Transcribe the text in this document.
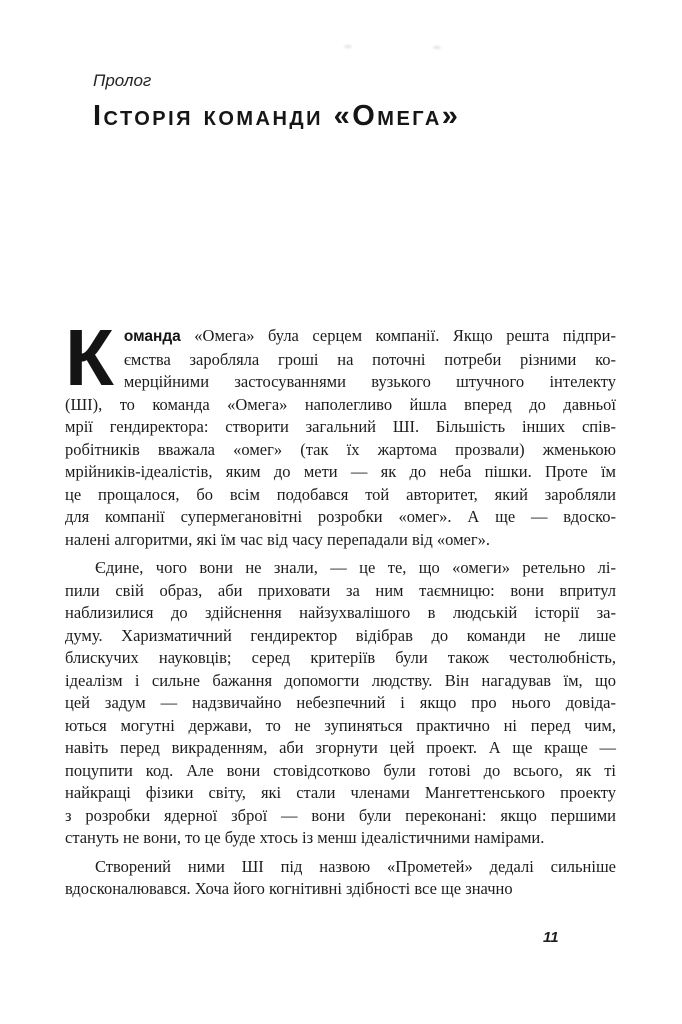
Пролог
Історія команди «Омега»
К оманда «Омега» була серцем компанії. Якщо решта підпри-
ємства заробляла гроші на поточні потреби різними ко-
мерційними застосуваннями вузького штучного інтелекту
(ШІ), то команда «Омега» наполегливо йшла вперед до давньої
мрії гендиректора: створити загальний ШІ. Більшість інших спів-
робітників вважала «омег» (так їх жартома прозвали) жменькою
мрійників-ідеалістів, яким до мети — як до неба пішки. Проте їм
це прощалося, бо всім подобався той авторитет, який заробляли
для компанії супермегановітні розробки «омег». А ще — вдоско-
налені алгоритми, які їм час від часу перепадали від «омег».
Єдине, чого вони не знали, — це те, що «омеги» ретельно лі-
пили свій образ, аби приховати за ним таємницю: вони впритул
наблизилися до здійснення найзухвалішого в людській історії за-
думу. Харизматичний гендиректор відібрав до команди не лише
блискучих науковців; серед критеріїв були також честолюбність,
ідеалізм і сильне бажання допомогти людству. Він нагадував їм, що
цей задум — надзвичайно небезпечний і якщо про нього довіда-
ються могутні держави, то не зупиняться практично ні перед чим,
навіть перед викраденням, аби згорнути цей проект. А ще краще —
поцупити код. Але вони стовідсотково були готові до всього, як ті
найкращі фізики світу, які стали членами Мангеттенського проекту
з розробки ядерної зброї — вони були переконані: якщо першими
стануть не вони, то це буде хтось із менш ідеалістичними намірами.
Створений ними ШІ під назвою «Прометей» дедалі сильніше
вдосконалювався. Хоча його когнітивні здібності все ще значно
11
